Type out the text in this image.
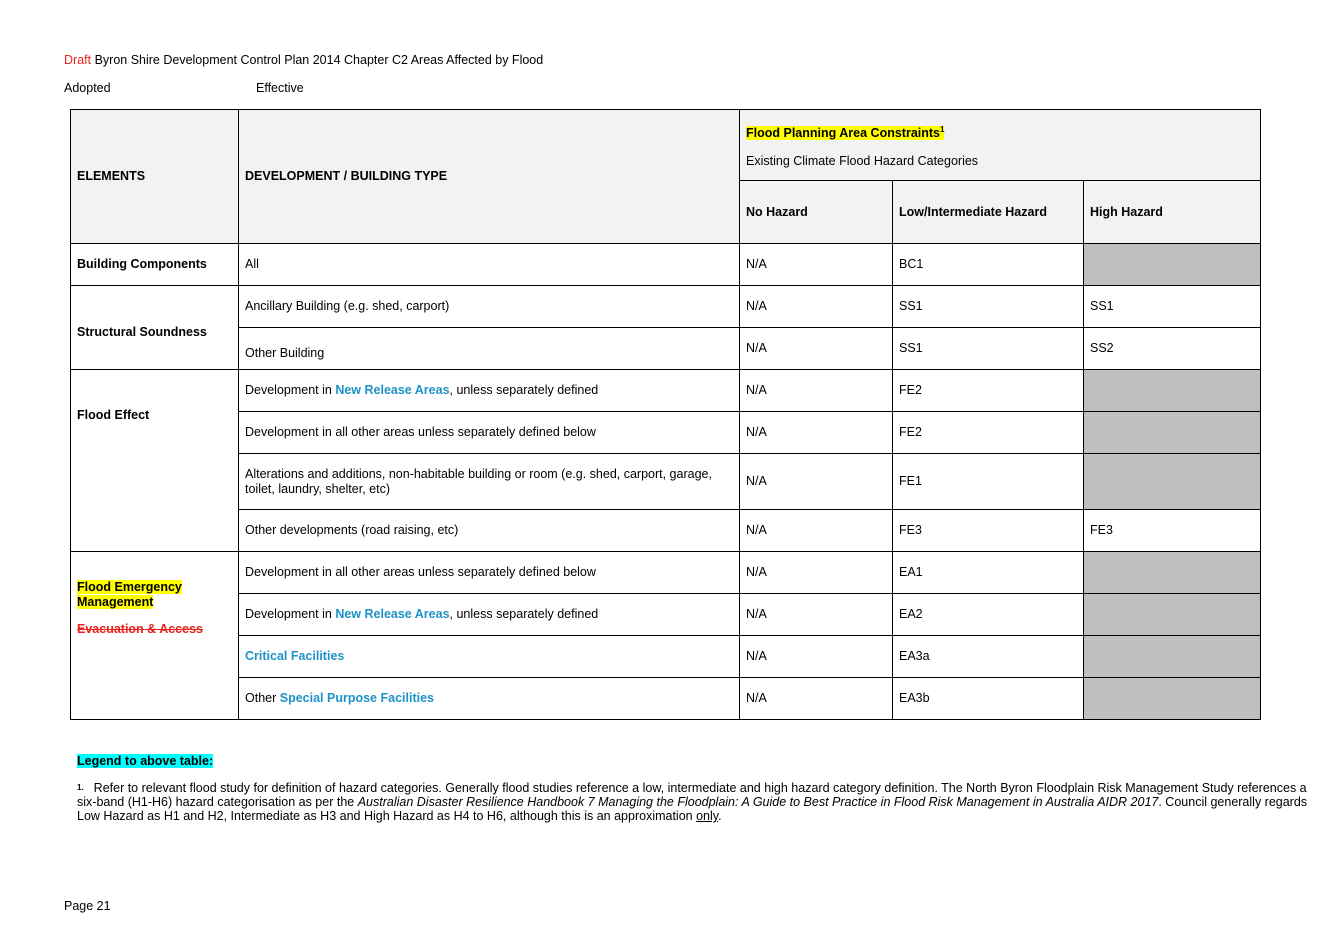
Draft Byron Shire Development Control Plan 2014 Chapter C2 Areas Affected by Flood
Adopted	Effective
ELEMENTS	DEVELOPMENT / BUILDING TYPE	Flood Planning Area Constraints$^1$
Existing Climate Flood Hazard Categories		

		No Hazard	Low/Intermediate Hazard	High Hazard
Building Components	All	N/A	BC1	
Structural Soundness	Ancillary Building (e.g. shed, carport)	N/A	SS1	SS1
	Other Building	N/A	SS1	SS2
Flood Effect	Development in New Release Areas, unless separately defined	N/A	FE2	
	Development in all other areas unless separately defined below	N/A	FE2	
	Alterations and additions, non-habitable building or room (e.g. shed, carport, garage, toilet, laundry, shelter, etc)	N/A	FE1	
	Other developments (road raising, etc)	N/A	FE3	FE3
Flood Emergency Management
Evacuation & Access	Development in all other areas unless separately defined below	N/A	EA1	
	Development in New Release Areas, unless separately defined	N/A	EA2	
	Critical Facilities	N/A	EA3a	
	Other Special Purpose Facilities	N/A	EA3b	
Legend to above table:
$^{1.}$ Refer to relevant flood study for definition of hazard categories. Generally flood studies reference a low, intermediate and high hazard category definition. The North Byron Floodplain Risk Management Study references a six-band (H1-H6) hazard categorisation as per the Australian Disaster Resilience Handbook 7 Managing the Floodplain: A Guide to Best Practice in Flood Risk Management in Australia AIDR 2017. Council generally regards Low Hazard as H1 and H2, Intermediate as H3 and High Hazard as H4 to H6, although this is an approximation only.
Page 21
